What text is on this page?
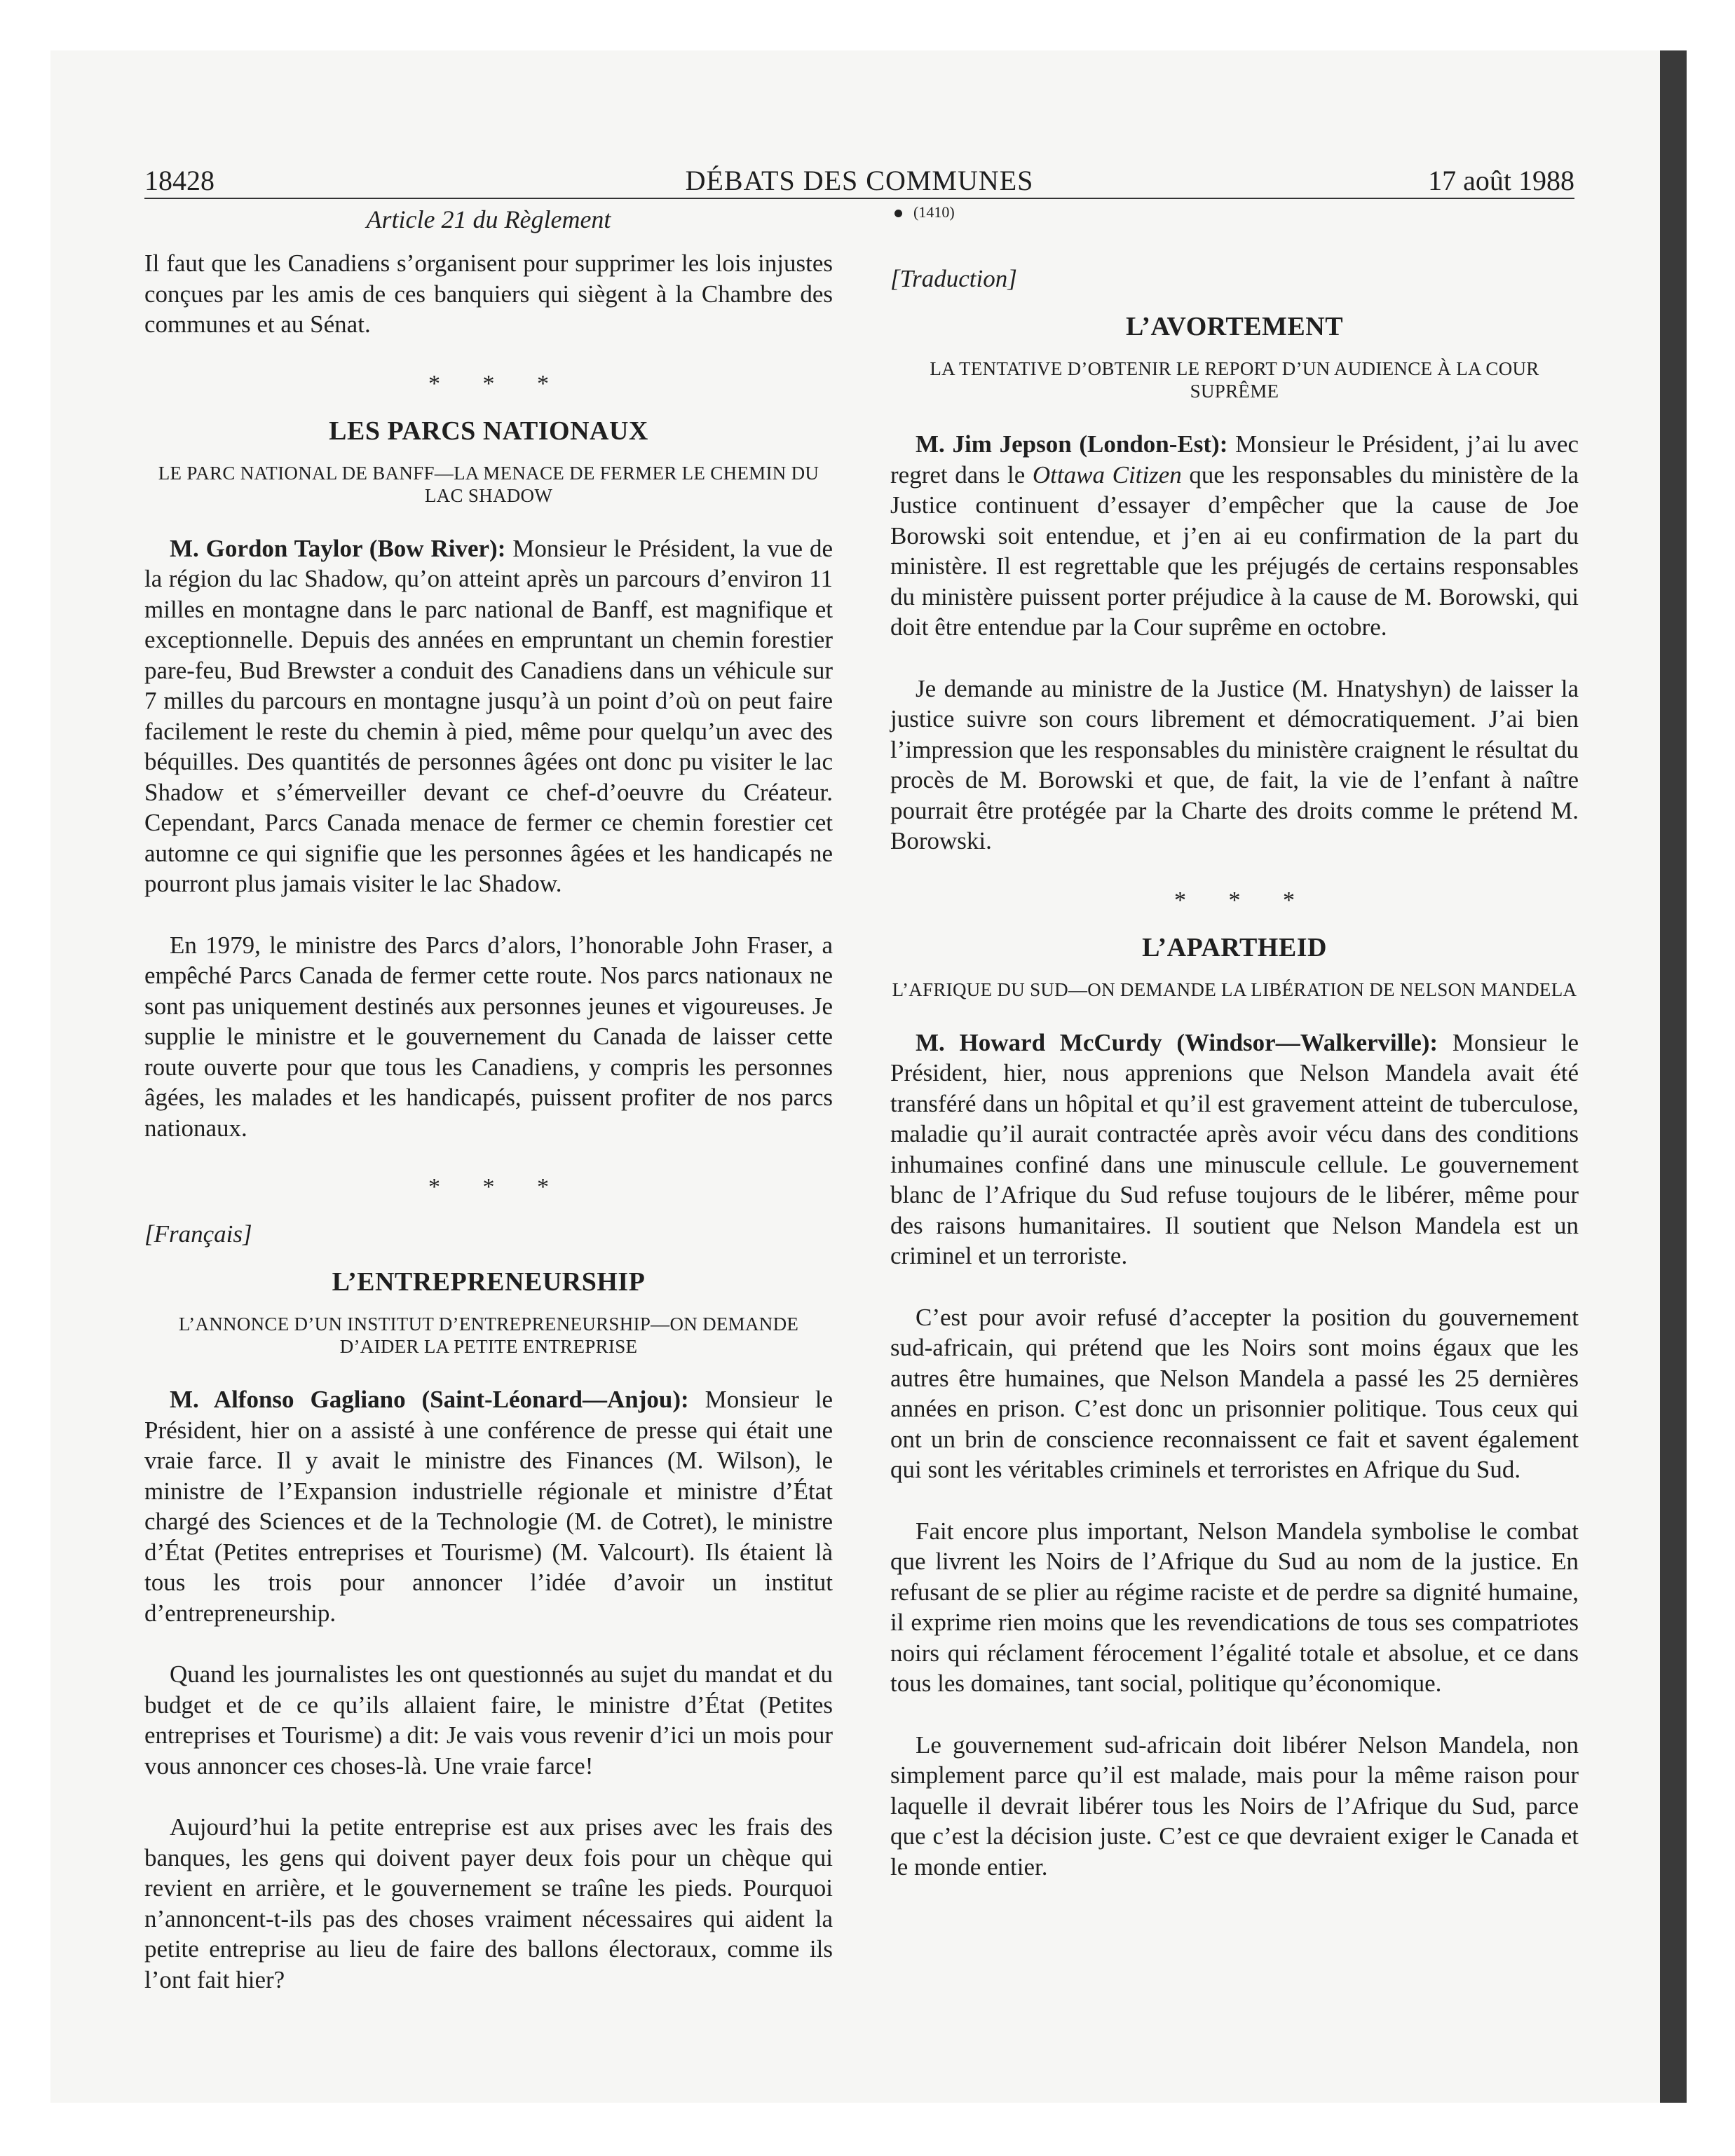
18428	DÉBATS DES COMMUNES	17 août 1988
Article 21 du Règlement

Il faut que les Canadiens s’organisent pour supprimer les lois injustes conçues par les amis de ces banquiers qui siègent à la Chambre des communes et au Sénat.

* * *
LES PARCS NATIONAUX
LE PARC NATIONAL DE BANFF—LA MENACE DE FERMER LE CHEMIN DU LAC SHADOW

M. Gordon Taylor (Bow River): Monsieur le Président, la vue de la région du lac Shadow, qu’on atteint après un parcours d’environ 11 milles en montagne dans le parc national de Banff, est magnifique et exceptionnelle. Depuis des années en empruntant un chemin forestier pare-feu, Bud Brewster a conduit des Canadiens dans un véhicule sur 7 milles du parcours en montagne jusqu’à un point d’où on peut faire facilement le reste du chemin à pied, même pour quelqu’un avec des béquilles. Des quantités de personnes âgées ont donc pu visiter le lac Shadow et s’émerveiller devant ce chef-d’oeuvre du Créateur. Cependant, Parcs Canada menace de fermer ce chemin forestier cet automne ce qui signifie que les personnes âgées et les handicapés ne pourront plus jamais visiter le lac Shadow.

En 1979, le ministre des Parcs d’alors, l’honorable John Fraser, a empêché Parcs Canada de fermer cette route. Nos parcs nationaux ne sont pas uniquement destinés aux personnes jeunes et vigoureuses. Je supplie le ministre et le gouvernement du Canada de laisser cette route ouverte pour que tous les Canadiens, y compris les personnes âgées, les malades et les handicapés, puissent profiter de nos parcs nationaux.

* * *
[Français]
L’ENTREPRENEURSHIP
L’ANNONCE D’UN INSTITUT D’ENTREPRENEURSHIP—ON DEMANDE D’AIDER LA PETITE ENTREPRISE

M. Alfonso Gagliano (Saint-Léonard—Anjou): Monsieur le Président, hier on a assisté à une conférence de presse qui était une vraie farce. Il y avait le ministre des Finances (M. Wilson), le ministre de l’Expansion industrielle régionale et ministre d’État chargé des Sciences et de la Technologie (M. de Cotret), le ministre d’État (Petites entreprises et Tourisme) (M. Valcourt). Ils étaient là tous les trois pour annoncer l’idée d’avoir un institut d’entrepreneurship.

Quand les journalistes les ont questionnés au sujet du mandat et du budget et de ce qu’ils allaient faire, le ministre d’État (Petites entreprises et Tourisme) a dit: Je vais vous revenir d’ici un mois pour vous annoncer ces choses-là. Une vraie farce!

Aujourd’hui la petite entreprise est aux prises avec les frais des banques, les gens qui doivent payer deux fois pour un chèque qui revient en arrière, et le gouvernement se traîne les pieds. Pourquoi n’annoncent-t-ils pas des choses vraiment nécessaires qui aident la petite entreprise au lieu de faire des ballons électoraux, comme ils l’ont fait hier?

(1410)
[Traduction]
L’AVORTEMENT
LA TENTATIVE D’OBTENIR LE REPORT D’UN AUDIENCE À LA COUR SUPRÊME

M. Jim Jepson (London-Est): Monsieur le Président, j’ai lu avec regret dans le Ottawa Citizen que les responsables du ministère de la Justice continuent d’essayer d’empêcher que la cause de Joe Borowski soit entendue, et j’en ai eu confirmation de la part du ministère. Il est regrettable que les préjugés de certains responsables du ministère puissent porter préjudice à la cause de M. Borowski, qui doit être entendue par la Cour suprême en octobre.

Je demande au ministre de la Justice (M. Hnatyshyn) de laisser la justice suivre son cours librement et démocratiquement. J’ai bien l’impression que les responsables du ministère craignent le résultat du procès de M. Borowski et que, de fait, la vie de l’enfant à naître pourrait être protégée par la Charte des droits comme le prétend M. Borowski.

* * *
L’APARTHEID
L’AFRIQUE DU SUD—ON DEMANDE LA LIBÉRATION DE NELSON MANDELA

M. Howard McCurdy (Windsor—Walkerville): Monsieur le Président, hier, nous apprenions que Nelson Mandela avait été transféré dans un hôpital et qu’il est gravement atteint de tuberculose, maladie qu’il aurait contractée après avoir vécu dans des conditions inhumaines confiné dans une minuscule cellule. Le gouvernement blanc de l’Afrique du Sud refuse toujours de le libérer, même pour des raisons humanitaires. Il soutient que Nelson Mandela est un criminel et un terroriste.

C’est pour avoir refusé d’accepter la position du gouvernement sud-africain, qui prétend que les Noirs sont moins égaux que les autres être humaines, que Nelson Mandela a passé les 25 dernières années en prison. C’est donc un prisonnier politique. Tous ceux qui ont un brin de conscience reconnaissent ce fait et savent également qui sont les véritables criminels et terroristes en Afrique du Sud.

Fait encore plus important, Nelson Mandela symbolise le combat que livrent les Noirs de l’Afrique du Sud au nom de la justice. En refusant de se plier au régime raciste et de perdre sa dignité humaine, il exprime rien moins que les revendications de tous ses compatriotes noirs qui réclament férocement l’égalité totale et absolue, et ce dans tous les domaines, tant social, politique qu’économique.

Le gouvernement sud-africain doit libérer Nelson Mandela, non simplement parce qu’il est malade, mais pour la même raison pour laquelle il devrait libérer tous les Noirs de l’Afrique du Sud, parce que c’est la décision juste. C’est ce que devraient exiger le Canada et le monde entier.
